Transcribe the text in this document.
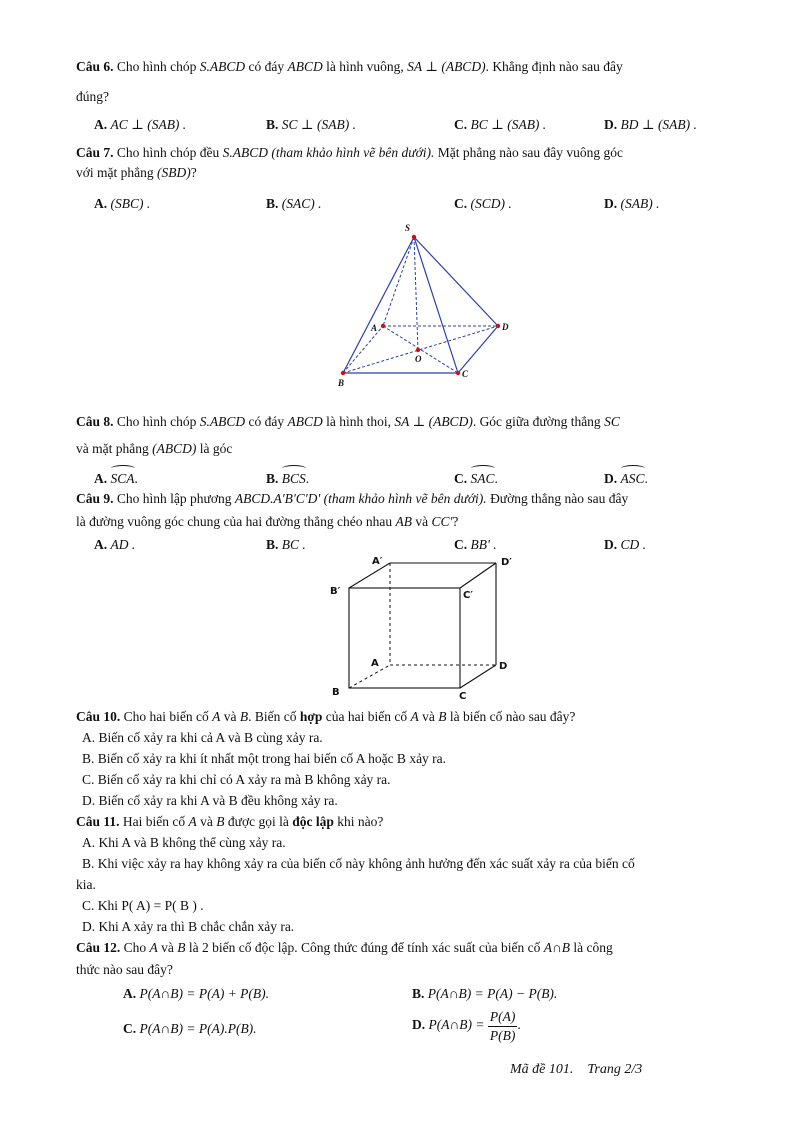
Câu 6. Cho hình chóp S.ABCD có đáy ABCD là hình vuông, SA ⊥ (ABCD). Khẳng định nào sau đây
đúng?
A. AC ⊥ (SAB) .	B. SC ⊥ (SAB) .	C. BC ⊥ (SAB) .	D. BD ⊥ (SAB) .
Câu 7. Cho hình chóp đều S.ABCD (tham khảo hình vẽ bên dưới). Mặt phẳng nào sau đây vuông góc
với mặt phẳng (SBD)?
A. (SBC) .	B. (SAC) .	C. (SCD) .	D. (SAB) .
S
A	D
O
B
C
Câu 8. Cho hình chóp S.ABCD có đáy ABCD là hình thoi, SA ⊥ (ABCD). Góc giữa đường thẳng SC
và mặt phẳng (ABCD) là góc
A. SCA.	B. BCS.	C. SAC.	D. ASC.
Câu 9. Cho hình lập phương ABCD.A'B'C'D' (tham khảo hình vẽ bên dưới). Đường thẳng nào sau đây
là đường vuông góc chung của hai đường thẳng chéo nhau AB và CC'?
A. AD .	B. BC .	C. BB' .	D. CD .
A′	D′
B′	C′
A	D
B	C
Câu 10. Cho hai biến cố A và B. Biến cố hợp của hai biến cố A và B là biến cố nào sau đây?
A. Biến cố xảy ra khi cả A và B cùng xảy ra.
B. Biến cố xảy ra khi ít nhất một trong hai biến cố A hoặc B xảy ra.
C. Biến cố xảy ra khi chỉ có A xảy ra mà B không xảy ra.
D. Biến cố xảy ra khi A và B đều không xảy ra.
Câu 11. Hai biến cố A và B được gọi là độc lập khi nào?
A. Khi A và B không thể cùng xảy ra.
B. Khi việc xảy ra hay không xảy ra của biến cố này không ảnh hưởng đến xác suất xảy ra của biến cố
kia.
C. Khi P( A) = P( B ) .
D. Khi A xảy ra thì B chắc chắn xảy ra.
Câu 12. Cho A và B là 2 biến cố độc lập. Công thức đúng để tính xác suất của biến cố A∩B là công
thức nào sau đây?
A. P(A∩B) = P(A) + P(B).	B. P(A∩B) = P(A) − P(B).
C. P(A∩B) = P(A).P(B).	D. P(A∩B) = $\frac{P(A)}{P(B)}$ .
Mã đề 101. Trang 2/3
